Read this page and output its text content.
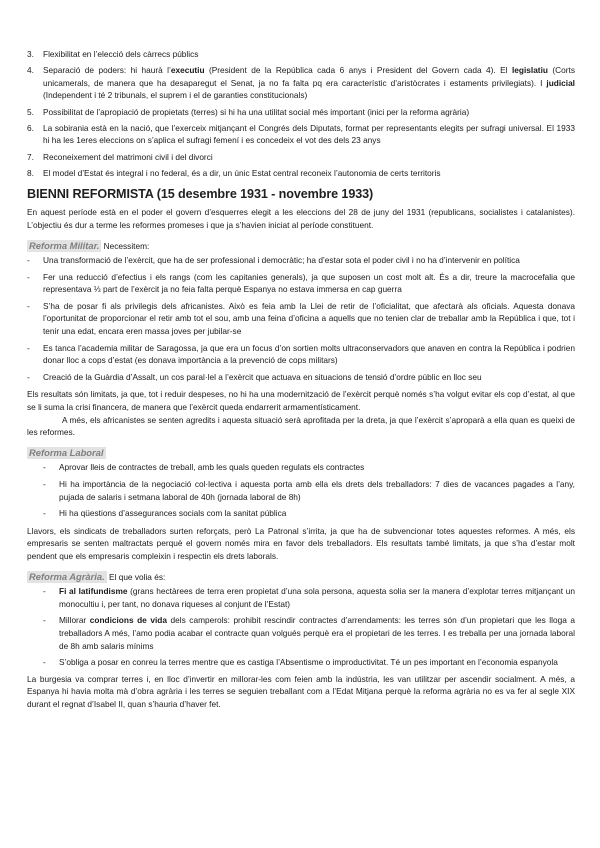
3. Flexibilitat en l’elecció dels càrrecs públics
4. Separació de poders: hi haurà l’executiu (President de la República cada 6 anys i President del Govern cada 4). El legislatiu (Corts unicamerals, de manera que ha desaparegut el Senat, ja no fa falta pq era característic d’aristòcrates i estaments privilegiats). I judicial (Independent i té 2 tribunals, el suprem i el de garanties constitucionals)
5. Possibilitat de l’apropiació de propietats (terres) si hi ha una utilitat social més important (inici per la reforma agrària)
6. La sobirania està en la nació, que l’exerceix mitjançant el Congrés dels Diputats, format per representants elegits per sufragi universal. El 1933 hi ha les 1eres eleccions on s’aplica el sufragi femení i es concedeix el vot des dels 23 anys
7. Reconeixement del matrimoni civil i del divorci
8. El model d’Estat és integral i no federal, és a dir, un únic Estat central reconeix l’autonomia de certs territoris
BIENNI REFORMISTA (15 desembre 1931 - novembre 1933)

En aquest període està en el poder el govern d’esquerres elegit a les eleccions del 28 de juny del 1931 (republicans, socialistes i catalanistes). L’objectiu és dur a terme les reformes promeses i que ja s’havien iniciat al període constituent.

Reforma Militar. Necessitem:
- Una transformació de l’exèrcit, que ha de ser professional i democràtic; ha d’estar sota el poder civil i no ha d’intervenir en política
- Fer una reducció d’efectius i els rangs (com les capitanies generals), ja que suposen un cost molt alt. És a dir, treure la macrocefalia que representava ⅓ part de l’exèrcit ja no feia falta perquè Espanya no estava immersa en cap guerra
- S’ha de posar fi als privilegis dels africanistes. Això es feia amb la Llei de retir de l’oficialitat, que afectarà als oficials. Aquesta donava l’oportunitat de proporcionar el retir amb tot el sou, amb una feina d’oficina a aquells que no tenien clar de treballar amb la República i que, tot i tenir una edat, encara eren massa joves per jubilar-se
- Es tanca l’academia militar de Saragossa, ja que era un focus d’on sortien molts ultraconservadors que anaven en contra la República i podrien donar lloc a cops d’estat (es donava importància a la prevenció de cops militars)
- Creació de la Guàrdia d’Assalt, un cos paral·lel a l’exèrcit que actuava en situacions de tensió d’ordre públic en lloc seu

Els resultats són limitats, ja que, tot i reduir despeses, no hi ha una modernització de l’exèrcit perquè només s’ha volgut evitar els cop d’estat, al que se li suma la crisi financera, de manera que l’exèrcit queda endarrerit armamentísticament.

A més, els africanistes se senten agredits i aquesta situació serà aprofitada per la dreta, ja que l’exèrcit s’aproparà a ella quan es queixi de les reformes.

Reforma Laboral
- Aprovar lleis de contractes de treball, amb les quals queden regulats els contractes
- Hi ha importància de la negociació col·lectiva i aquesta porta amb ella els drets dels treballadors: 7 dies de vacances pagades a l’any, pujada de salaris i setmana laboral de 40h (jornada laboral de 8h)
- Hi ha qüestions d’assegurances socials com la sanitat pública

Llavors, els sindicats de treballadors surten reforçats, però La Patronal s’irrita, ja que ha de subvencionar totes aquestes reformes. A més, els empresaris se senten maltractats perquè el govern només mira en favor dels treballadors. Els resultats també limitats, ja que s’ha d’estar molt pendent que els empresaris compleixin i respectin els drets laborals.

Reforma Agrària. El que volia és:
- Fi al latifundisme (grans hectàrees de terra eren propietat d’una sola persona, aquesta solia ser la manera d’explotar terres mitjançant un monocultiu i, per tant, no donava riqueses al conjunt de l’Estat)
- Millorar condicions de vida dels camperols: prohibit rescindir contractes d’arrendaments: les terres són d’un propietari que les lloga a treballadors A més, l’amo podia acabar el contracte quan volgués perquè era el propietari de les terres. I es treballa per una jornada laboral de 8h amb salaris mínims
- S’obliga a posar en conreu la terres mentre que es castiga l’Absentisme o improductivitat. Té un pes important en l’economia espanyola

La burgesia va comprar terres i, en lloc d’invertir en millorar-les com feien amb la indústria, les van utilitzar per ascendir socialment. A més, a Espanya hi havia molta mà d’obra agrària i les terres se seguien treballant com a l’Edat Mitjana perquè la reforma agrària no es va fer al segle XIX durant el regnat d’Isabel II, quan s’hauria d’haver fet.
